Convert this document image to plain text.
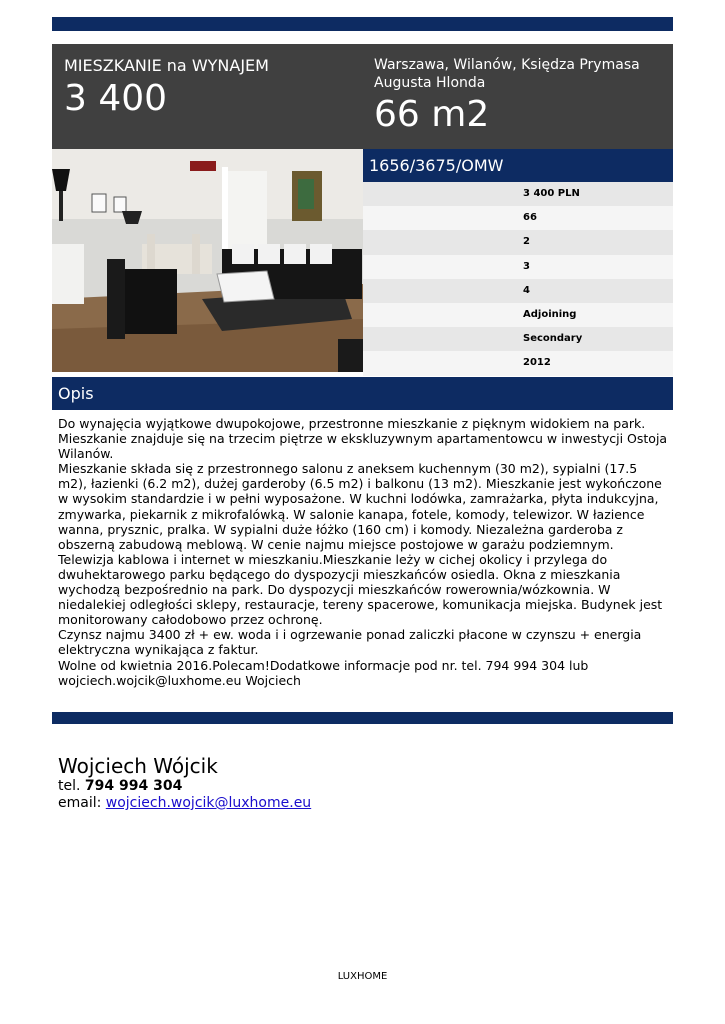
MIESZKANIE na WYNAJEM
3 400
Warszawa, Wilanów, Księdza Prymasa Augusta Hlonda
66 m2
1656/3675/OMW
3 400 PLN
66
2
3
4
Adjoining
Secondary
2012
Opis
Do wynajęcia wyjątkowe dwupokojowe, przestronne mieszkanie z pięknym widokiem na park. Mieszkanie znajduje się na trzecim piętrze w ekskluzywnym apartamentowcu w inwestycji Ostoja Wilanów.
Mieszkanie składa się z przestronnego salonu z aneksem kuchennym (30 m2), sypialni (17.5 m2), łazienki (6.2 m2), dużej garderoby (6.5 m2) i balkonu (13 m2). Mieszkanie jest wykończone w wysokim standardzie i w pełni wyposażone. W kuchni lodówka, zamrażarka, płyta indukcyjna, zmywarka, piekarnik z mikrofalówką. W salonie kanapa, fotele, komody, telewizor. W łazience wanna, prysznic, pralka. W sypialni duże łóżko (160 cm) i komody. Niezależna garderoba z obszerną zabudową meblową. W cenie najmu miejsce postojowe w garażu podziemnym. Telewizja kablowa i internet w mieszkaniu.Mieszkanie leży w cichej okolicy i przylega do dwuhektarowego parku będącego do dyspozycji mieszkańców osiedla. Okna z mieszkania wychodzą bezpośrednio na park. Do dyspozycji mieszkańców rowerownia/wózkownia. W niedalekiej odległości sklepy, restauracje, tereny spacerowe, komunikacja miejska. Budynek jest monitorowany całodobowo przez ochronę.
Czynsz najmu 3400 zł + ew. woda i i ogrzewanie ponad zaliczki płacone w czynszu + energia elektryczna wynikająca z faktur.
Wolne od kwietnia 2016.Polecam!Dodatkowe informacje pod nr. tel. 794 994 304 lub wojciech.wojcik@luxhome.eu Wojciech
Wojciech Wójcik
tel. 794 994 304
email: wojciech.wojcik@luxhome.eu
LUXHOME
